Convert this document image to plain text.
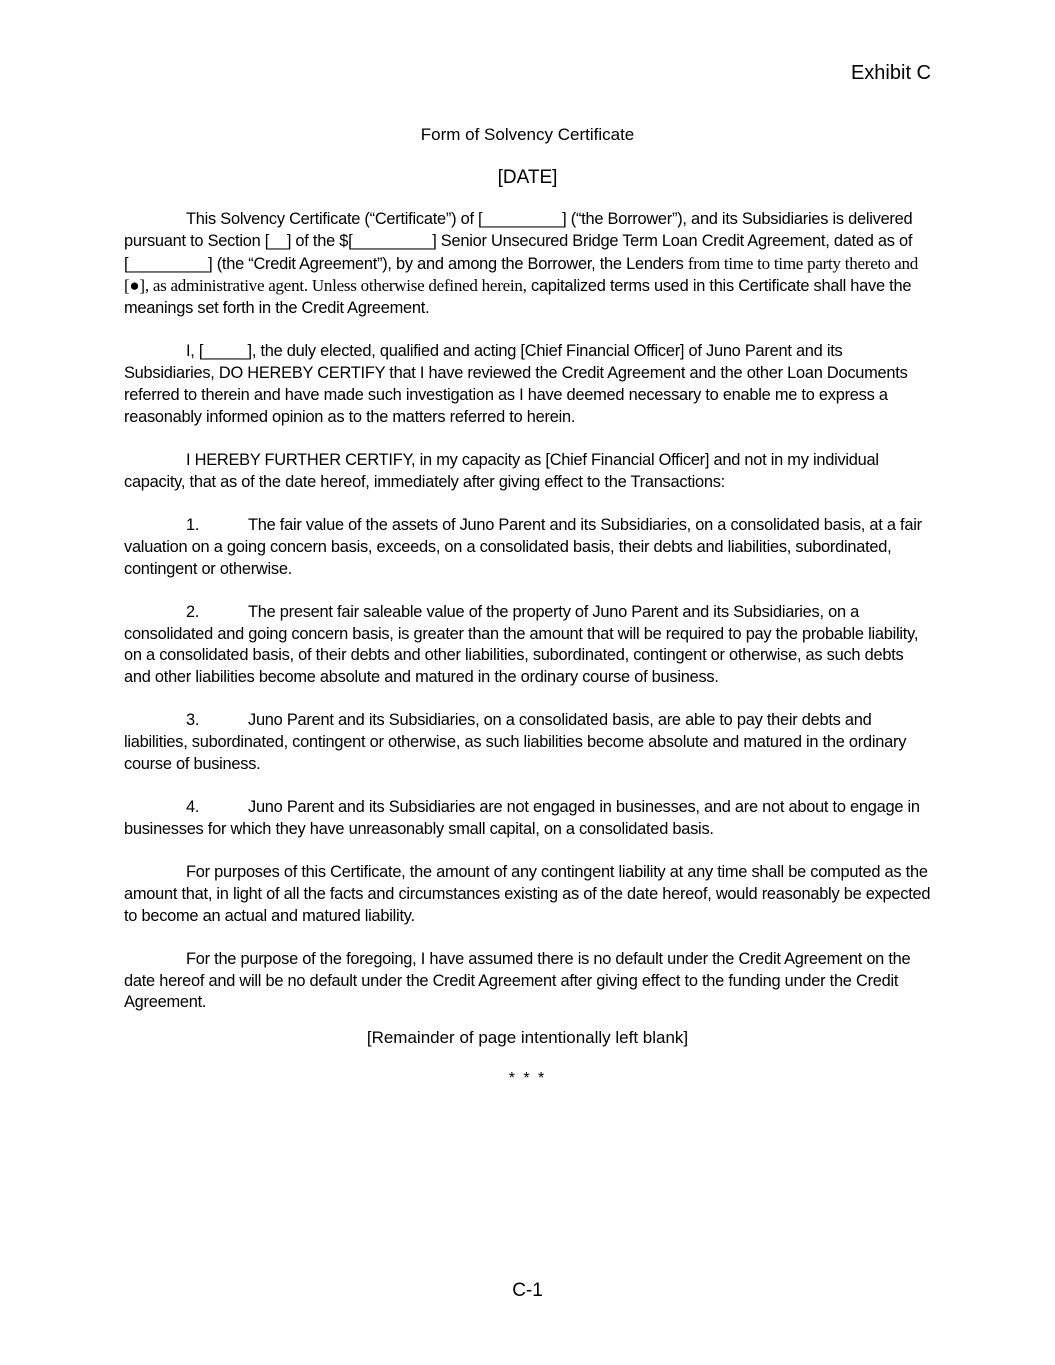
Exhibit C
Form of Solvency Certificate
[DATE]

This Solvency Certificate (“Certificate”) of [_________] (“the Borrower”), and its Subsidiaries is delivered pursuant to Section [__] of the $[_________] Senior Unsecured Bridge Term Loan Credit Agreement, dated as of [_________] (the “Credit Agreement”), by and among the Borrower, the Lenders from time to time party thereto and [●], as administrative agent. Unless otherwise defined herein, capitalized terms used in this Certificate shall have the meanings set forth in the Credit Agreement.

I, [_____], the duly elected, qualified and acting [Chief Financial Officer] of Juno Parent and its Subsidiaries, DO HEREBY CERTIFY that I have reviewed the Credit Agreement and the other Loan Documents referred to therein and have made such investigation as I have deemed necessary to enable me to express a reasonably informed opinion as to the matters referred to herein.

I HEREBY FURTHER CERTIFY, in my capacity as [Chief Financial Officer] and not in my individual capacity, that as of the date hereof, immediately after giving effect to the Transactions:

1.	The fair value of the assets of Juno Parent and its Subsidiaries, on a consolidated basis, at a fair valuation on a going concern basis, exceeds, on a consolidated basis, their debts and liabilities, subordinated, contingent or otherwise.

2.	The present fair saleable value of the property of Juno Parent and its Subsidiaries, on a consolidated and going concern basis, is greater than the amount that will be required to pay the probable liability, on a consolidated basis, of their debts and other liabilities, subordinated, contingent or otherwise, as such debts and other liabilities become absolute and matured in the ordinary course of business.

3.	Juno Parent and its Subsidiaries, on a consolidated basis, are able to pay their debts and liabilities, subordinated, contingent or otherwise, as such liabilities become absolute and matured in the ordinary course of business.

4.	Juno Parent and its Subsidiaries are not engaged in businesses, and are not about to engage in businesses for which they have unreasonably small capital, on a consolidated basis.

For purposes of this Certificate, the amount of any contingent liability at any time shall be computed as the amount that, in light of all the facts and circumstances existing as of the date hereof, would reasonably be expected to become an actual and matured liability.

For the purpose of the foregoing, I have assumed there is no default under the Credit Agreement on the date hereof and will be no default under the Credit Agreement after giving effect to the funding under the Credit Agreement.

[Remainder of page intentionally left blank]
* * *
C-1
